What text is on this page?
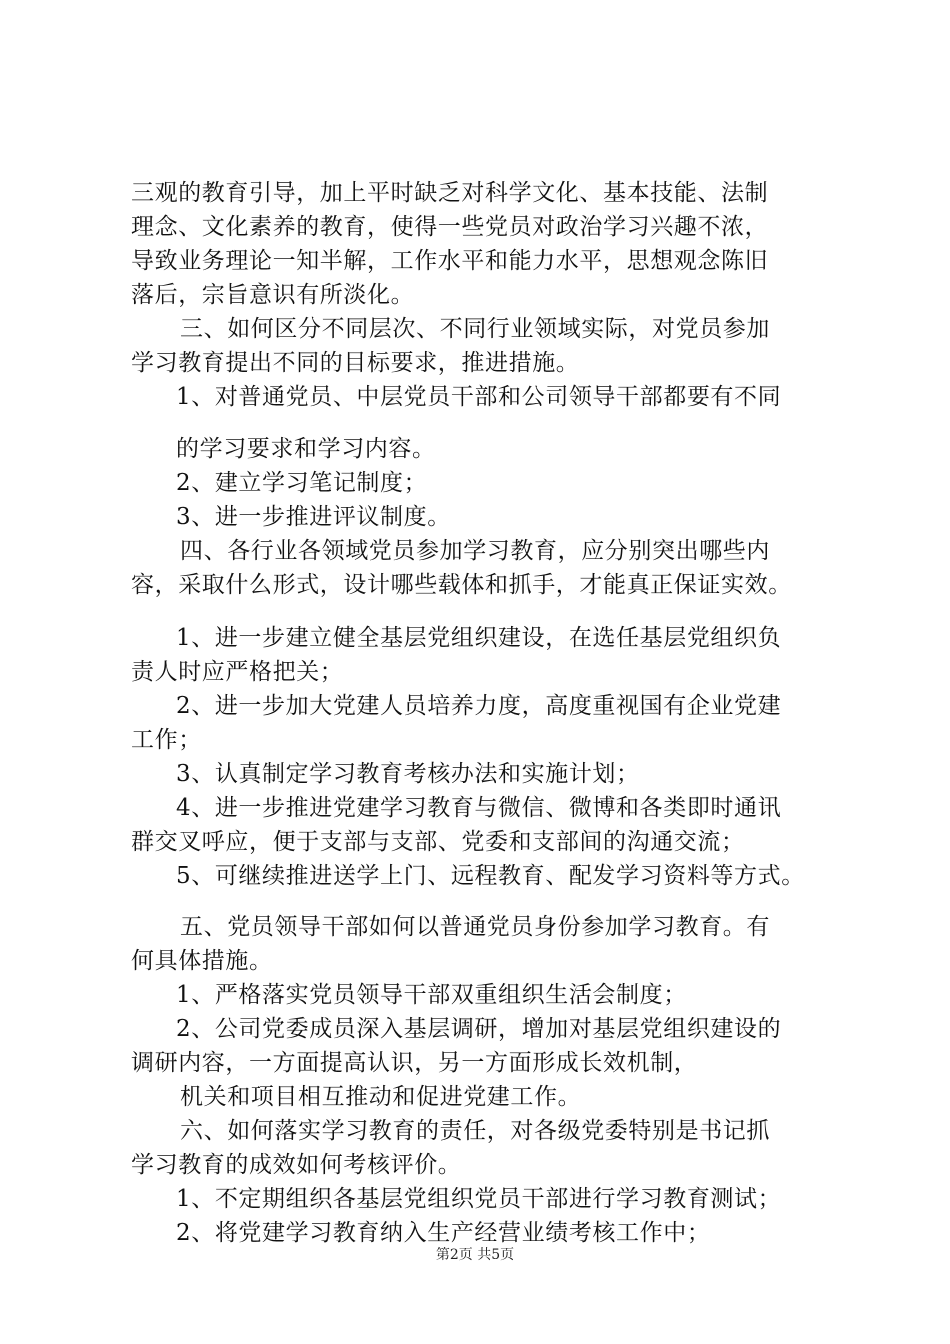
三观的教育引导，加上平时缺乏对科学文化、基本技能、法制
理念、文化素养的教育，使得一些党员对政治学习兴趣不浓，
导致业务理论一知半解，工作水平和能力水平，思想观念陈旧
落后，宗旨意识有所淡化。
三、如何区分不同层次、不同行业领域实际，对党员参加
学习教育提出不同的目标要求，推进措施。
1、对普通党员、中层党员干部和公司领导干部都要有不同
的学习要求和学习内容。
2、建立学习笔记制度；
3、进一步推进评议制度。
四、各行业各领域党员参加学习教育，应分别突出哪些内
容，采取什么形式，设计哪些载体和抓手，才能真正保证实效。
1、进一步建立健全基层党组织建设，在选任基层党组织负
责人时应严格把关；
2、进一步加大党建人员培养力度，高度重视国有企业党建
工作；
3、认真制定学习教育考核办法和实施计划；
4、进一步推进党建学习教育与微信、微博和各类即时通讯
群交叉呼应，便于支部与支部、党委和支部间的沟通交流；
5、可继续推进送学上门、远程教育、配发学习资料等方式。
五、党员领导干部如何以普通党员身份参加学习教育。有
何具体措施。
1、严格落实党员领导干部双重组织生活会制度；
2、公司党委成员深入基层调研，增加对基层党组织建设的
调研内容，一方面提高认识，另一方面形成长效机制，
机关和项目相互推动和促进党建工作。
六、如何落实学习教育的责任，对各级党委特别是书记抓
学习教育的成效如何考核评价。
1、不定期组织各基层党组织党员干部进行学习教育测试；
2、将党建学习教育纳入生产经营业绩考核工作中；
第2页 共5页
